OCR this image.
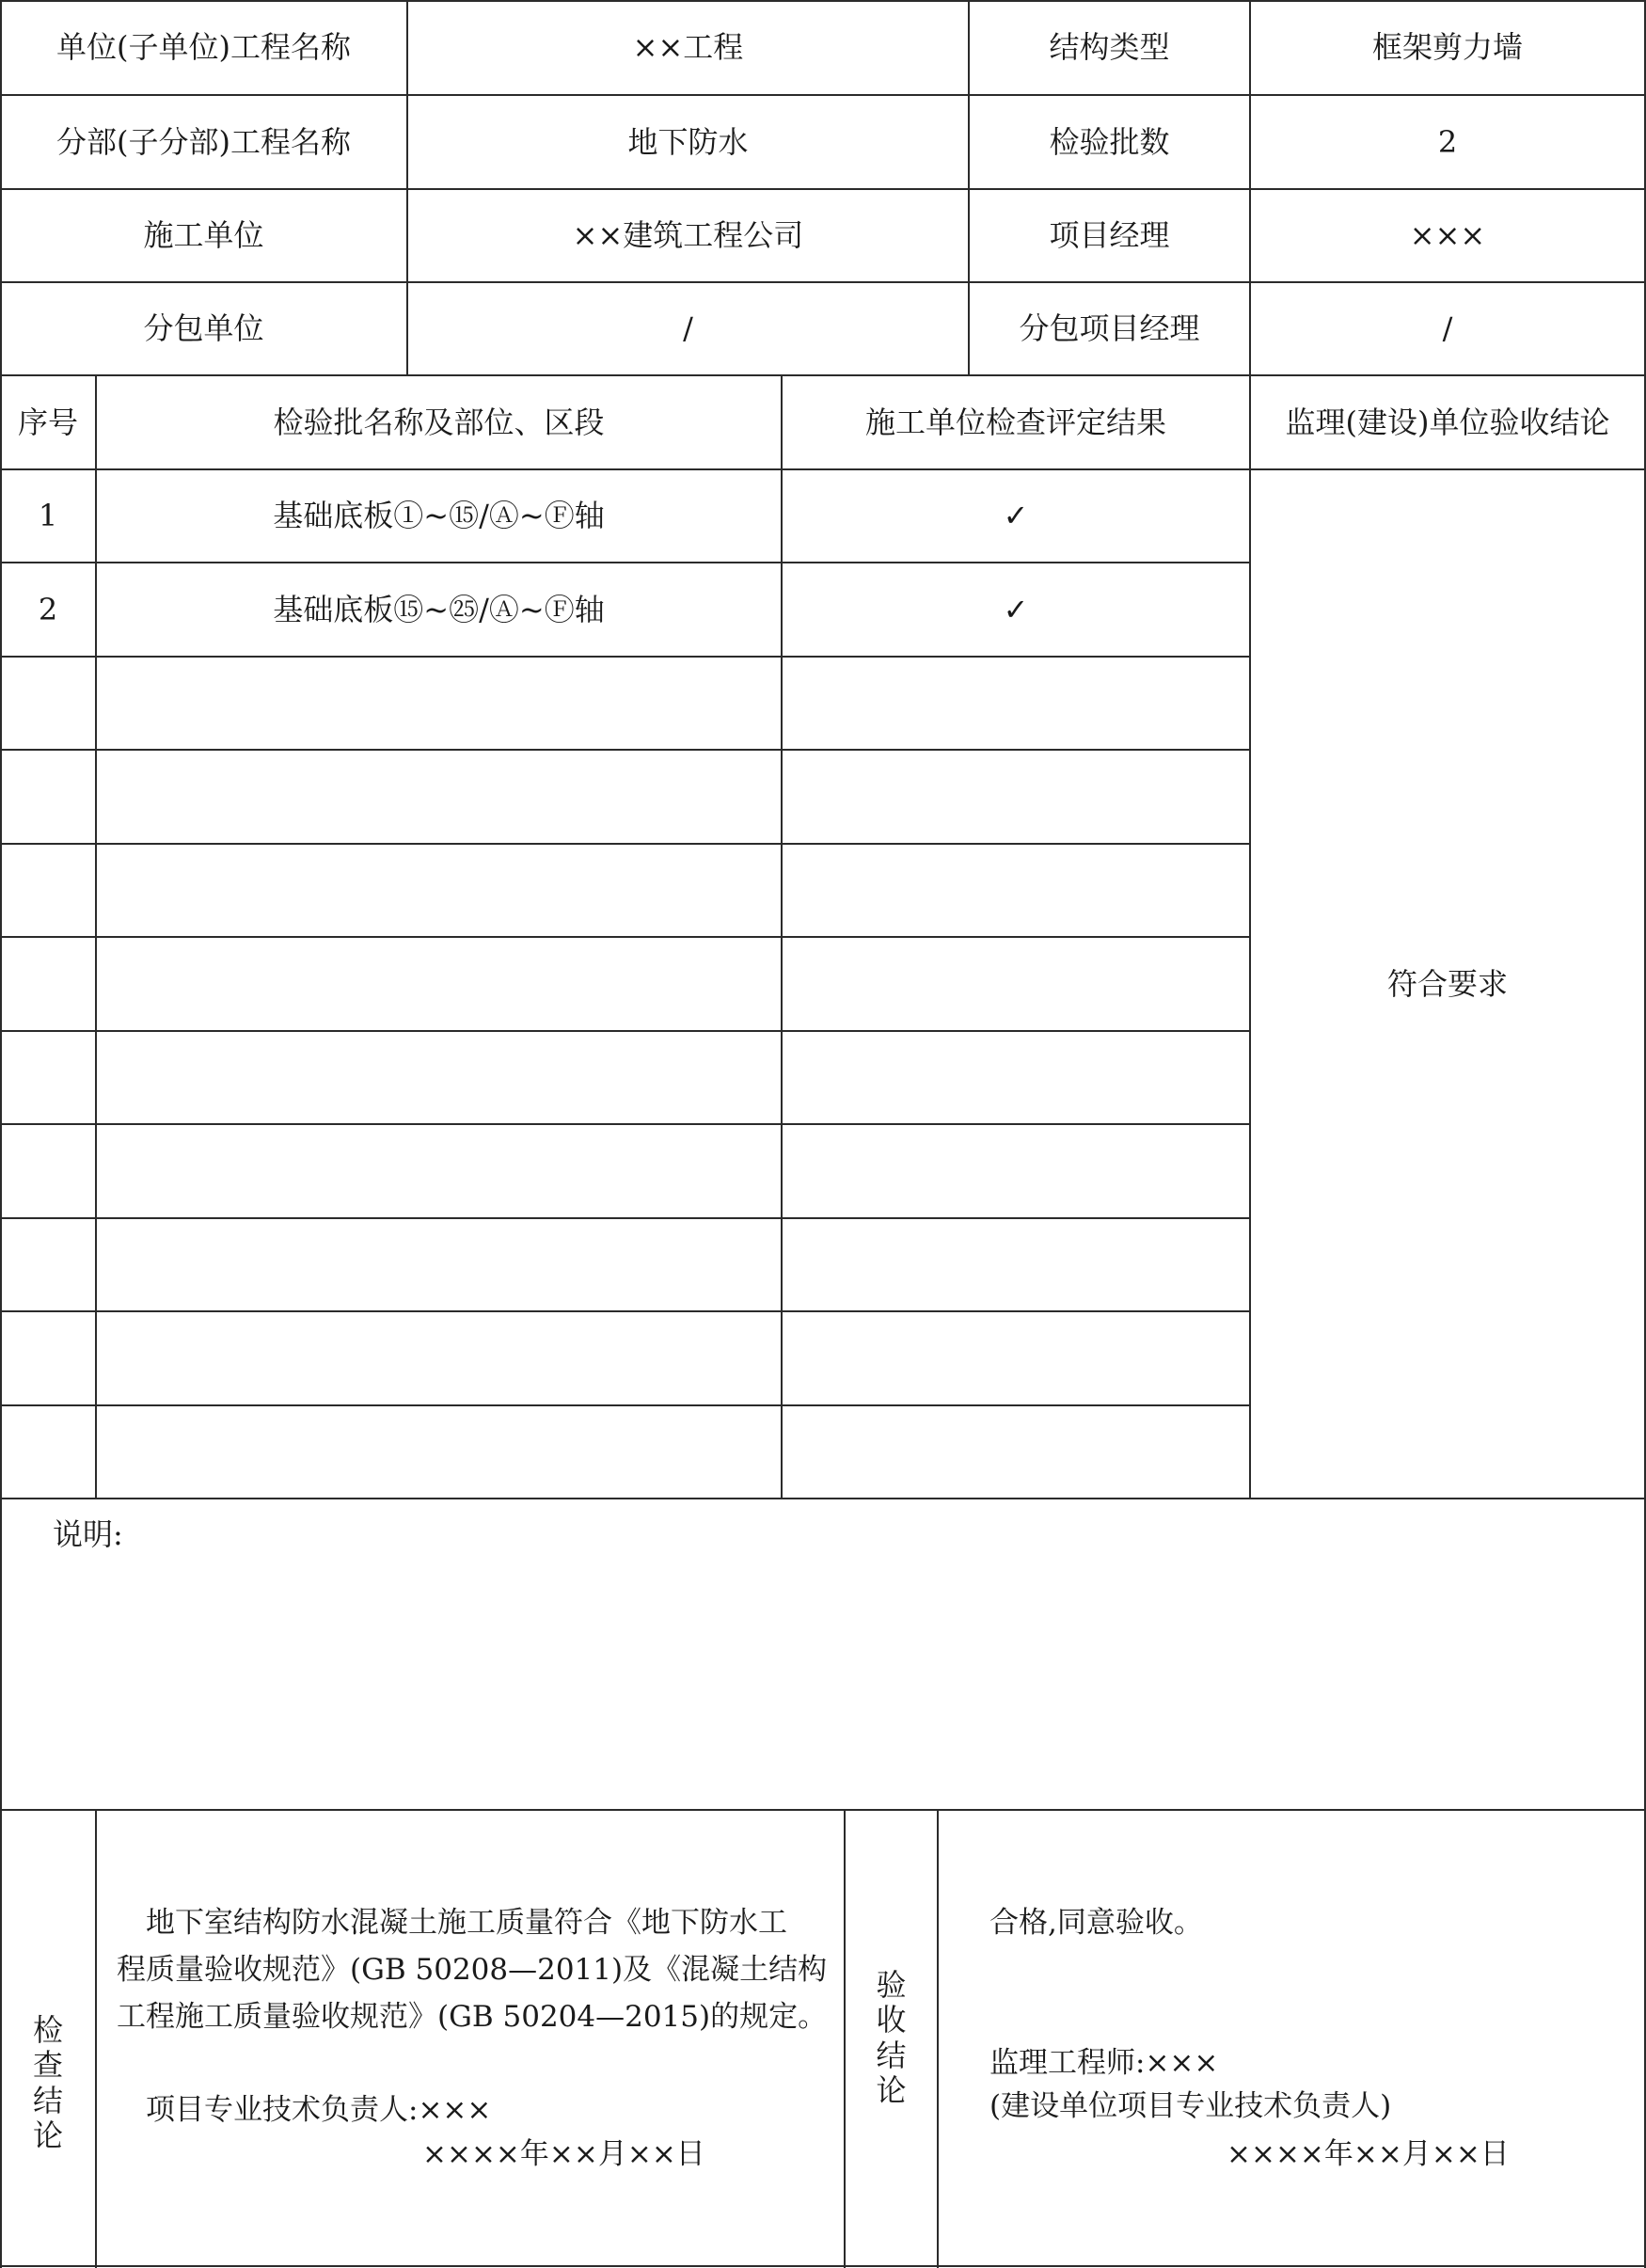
单位(子单位)工程名称	××工程	结构类型	框架剪力墙
分部(子分部)工程名称	地下防水	检验批数	2
施工单位	××建筑工程公司	项目经理	×××
分包单位	/	分包项目经理	/
序号	检验批名称及部位、区段	施工单位检查评定结果	监理(建设)单位验收结论
1	基础底板①~⑮/Ⓐ~Ⓕ轴	✓
2	基础底板⑮~㉕/Ⓐ~Ⓕ轴	✓
符合要求
说明:
检
查
结
论
　地下室结构防水混凝土施工质量符合《地下防水工
程质量验收规范》(GB 50208—2011)及《混凝土结构
工程施工质量验收规范》(GB 50204—2015)的规定。
　项目专业技术负责人:×××
××××年××月××日
验
收
结
论
合格,同意验收。
监理工程师:×××
(建设单位项目专业技术负责人)
××××年××月××日
